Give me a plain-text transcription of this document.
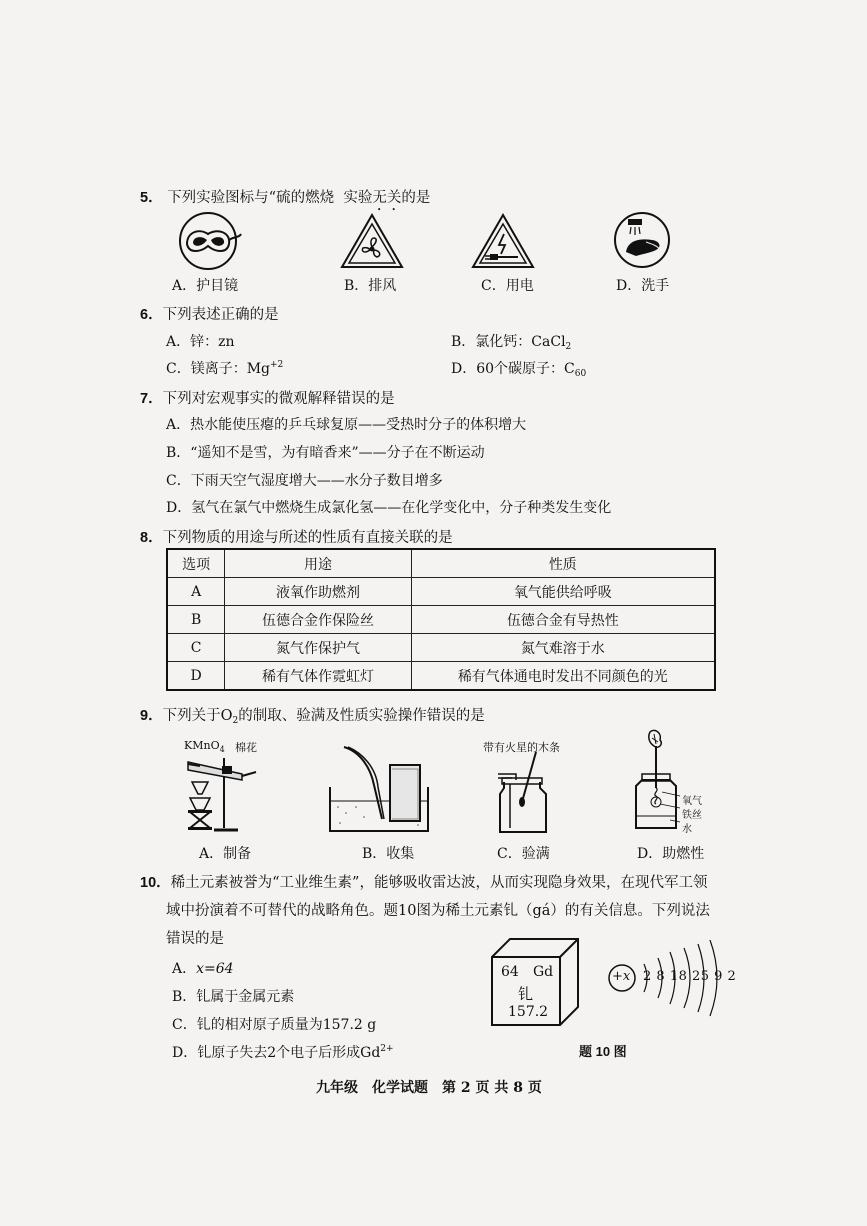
5． 下列实验图标与“硫的燃烧 实验无关的是
A．护目镜	B．排风	C．用电	D．洗手
6．下列表述正确的是
A．锌：zn	B．氯化钙：CaCl$_2$
C．镁离子：$Mg^{+2}$	D．60个碳原子：$C_{60}$
7．下列对宏观事实的微观解释错误的是
A．热水能使压瘪的乒乓球复原——受热时分子的体积增大
B．“遥知不是雪，为有暗香来”——分子在不断运动
C．下雨天空气湿度增大——水分子数目增多
D．氢气在氯气中燃烧生成氯化氢——在化学变化中，分子种类发生变化
8．下列物质的用途与所述的性质有直接关联的是
选项	用途	性质
A	液氧作助燃剂	氧气能供给呼吸
B	伍德合金作保险丝	伍德合金有导热性
C	氮气作保护气	氮气难溶于水
D	稀有气体作霓虹灯	稀有气体通电时发出不同颜色的光
9．下列关于$O_2$的制取、验满及性质实验操作错误的是
KMnO$_4$ 棉花	带有火星的木条
氧气
铁丝
水
A．制备	B．收集	C．验满	D．助燃性
10．稀土元素被誉为“工业维生素”，能够吸收雷达波，从而实现隐身效果，在现代军工领
域中扮演着不可替代的战略角色。题10图为稀土元素钆（gá）的有关信息。下列说法
错误的是
A．x=64
B．钆属于金属元素
C．钆的相对原子质量为157.2 g
D．钆原子失去2个电子后形成$Gd^{2+}$
64 Gd
钆
157.2
+x 2 8 18 25 9 2
题 10 图
九年级　化学试题　第 2 页 共 8 页
